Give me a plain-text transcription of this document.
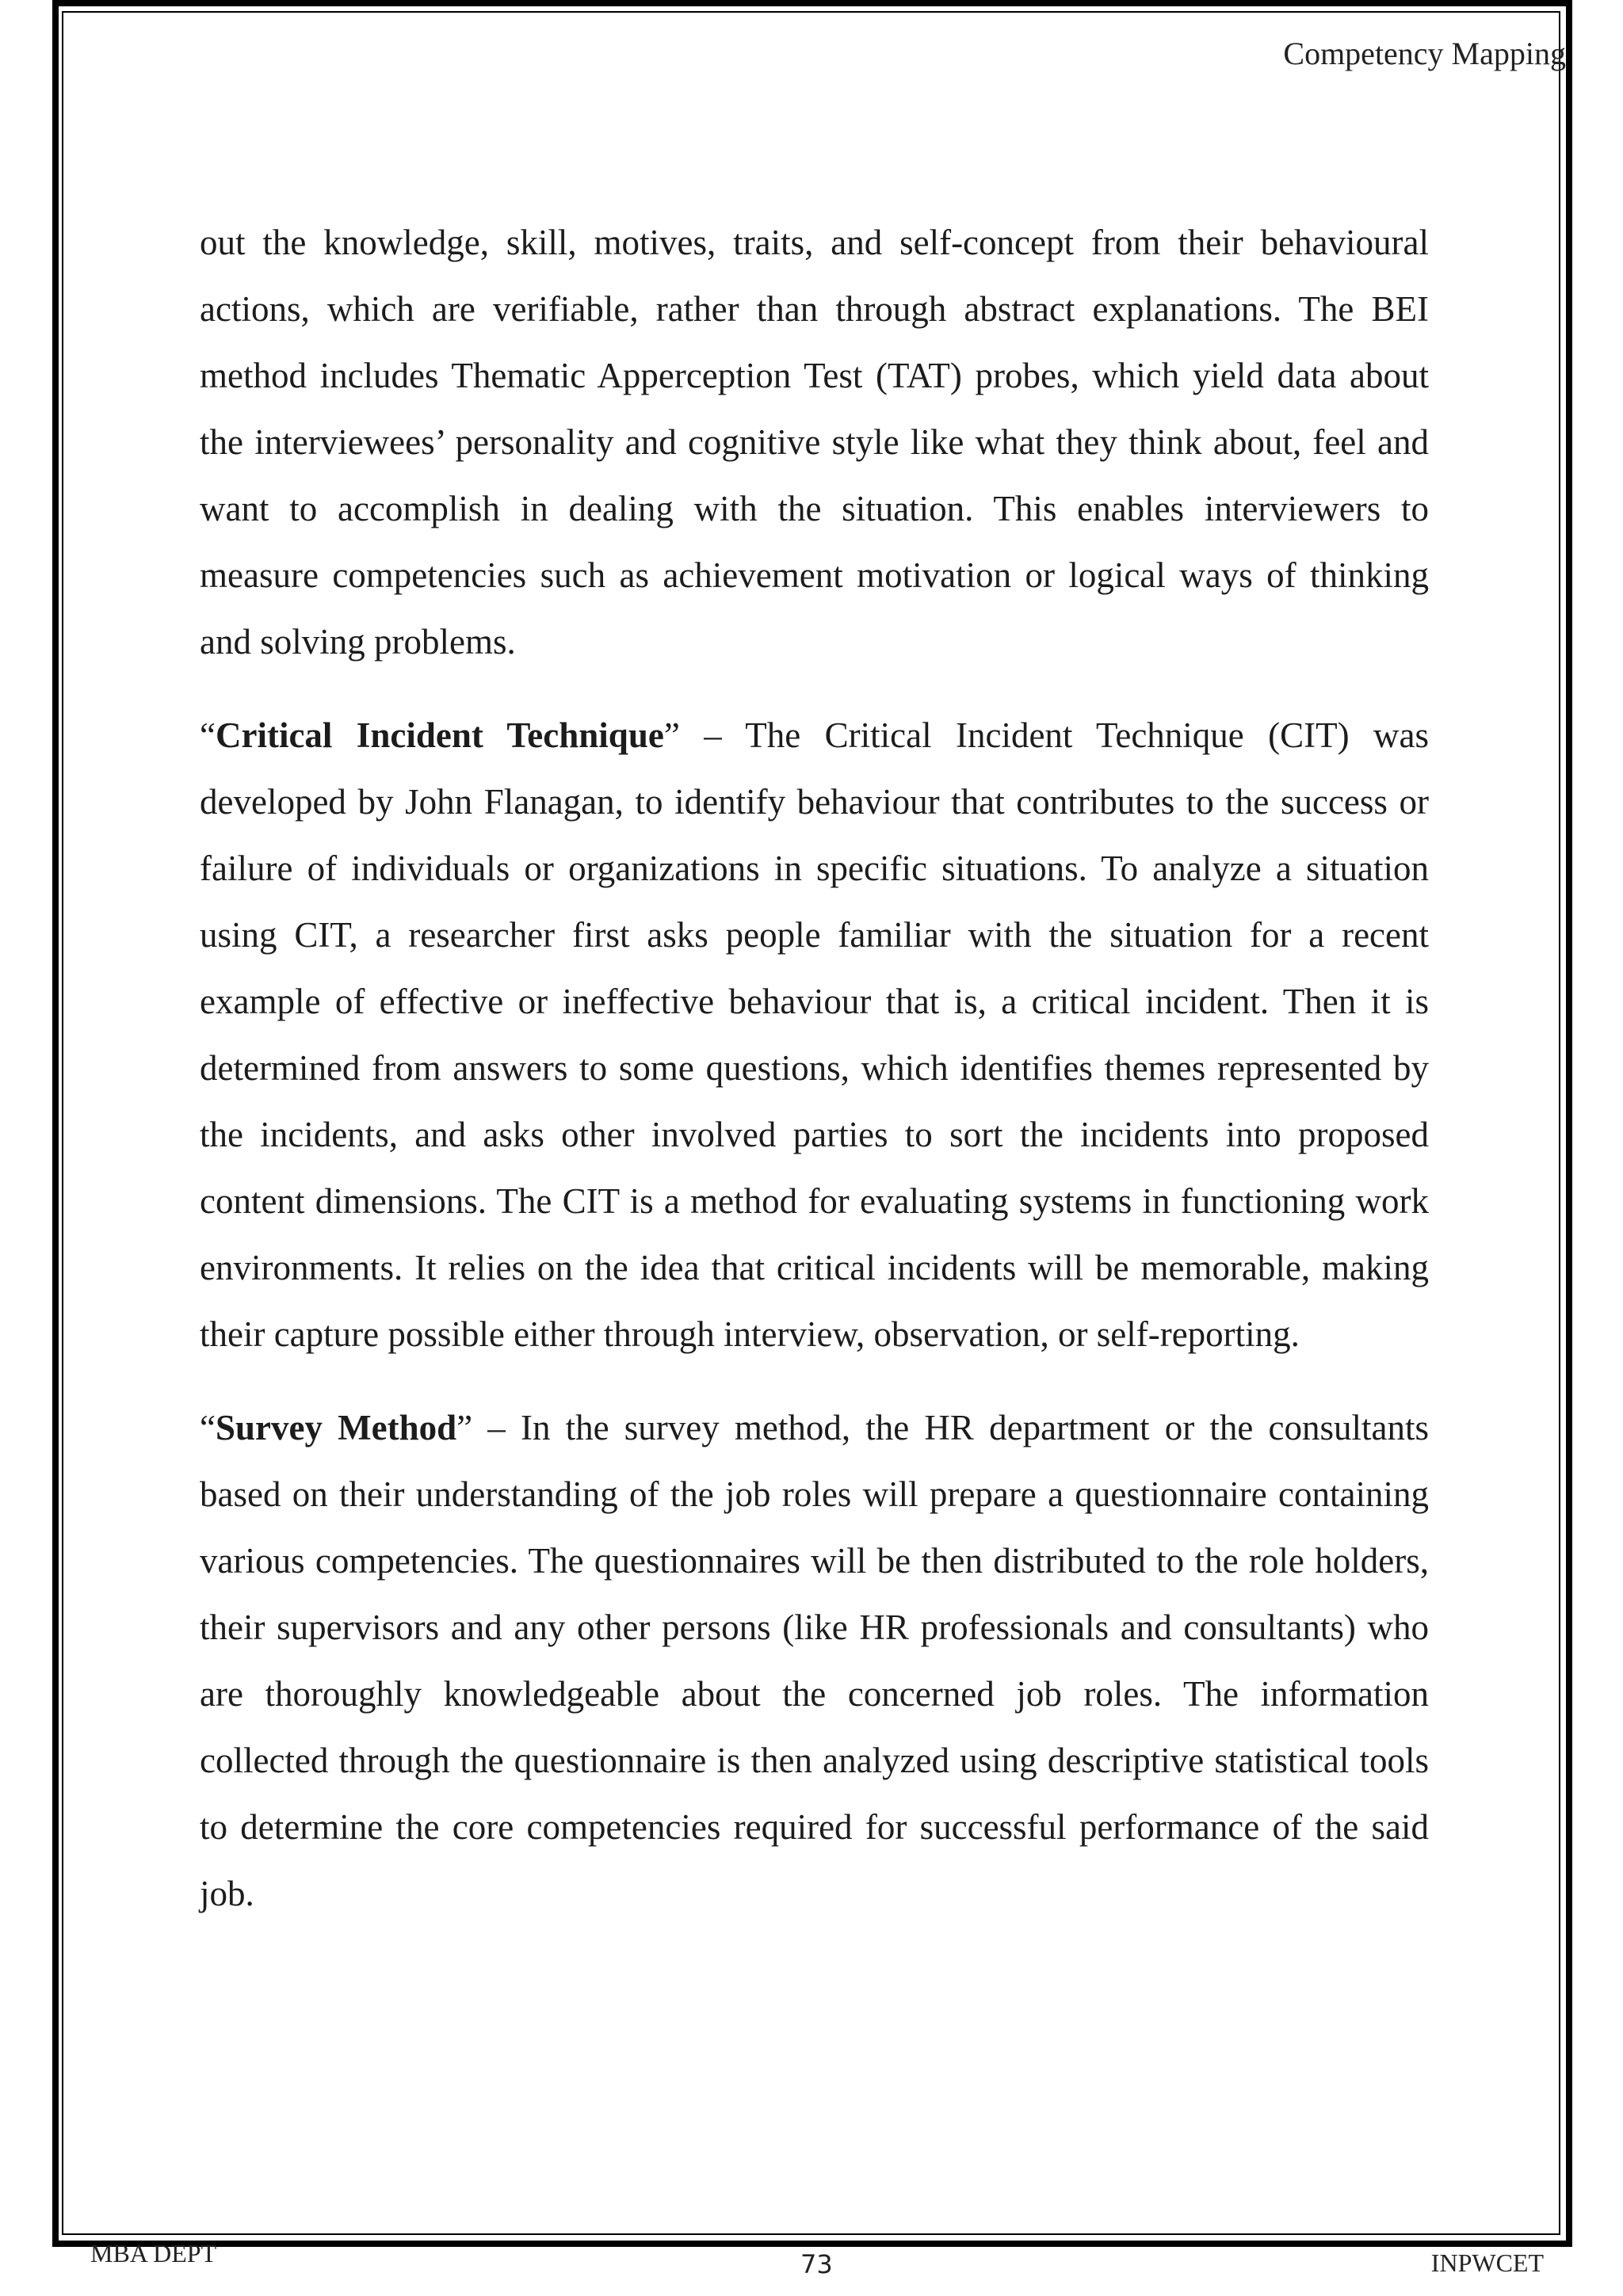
Competency Mapping

out the knowledge, skill, motives, traits, and self-concept from their behavioural actions, which are verifiable, rather than through abstract explanations. The BEI method includes Thematic Apperception Test (TAT) probes, which yield data about the interviewees’ personality and cognitive style like what they think about, feel and want to accomplish in dealing with the situation. This enables interviewers to measure competencies such as achievement motivation or logical ways of thinking and solving problems.

“Critical Incident Technique” – The Critical Incident Technique (CIT) was developed by John Flanagan, to identify behaviour that contributes to the success or failure of individuals or organizations in specific situations. To analyze a situation using CIT, a researcher first asks people familiar with the situation for a recent example of effective or ineffective behaviour that is, a critical incident. Then it is determined from answers to some questions, which identifies themes represented by the incidents, and asks other involved parties to sort the incidents into proposed content dimensions. The CIT is a method for evaluating systems in functioning work environments. It relies on the idea that critical incidents will be memorable, making their capture possible either through interview, observation, or self-reporting.

“Survey Method” – In the survey method, the HR department or the consultants based on their understanding of the job roles will prepare a questionnaire containing various competencies. The questionnaires will be then distributed to the role holders, their supervisors and any other persons (like HR professionals and consultants) who are thoroughly knowledgeable about the concerned job roles. The information collected through the questionnaire is then analyzed using descriptive statistical tools to determine the core competencies required for successful performance of the said job.

MBA DEPT	73	INPWCET
